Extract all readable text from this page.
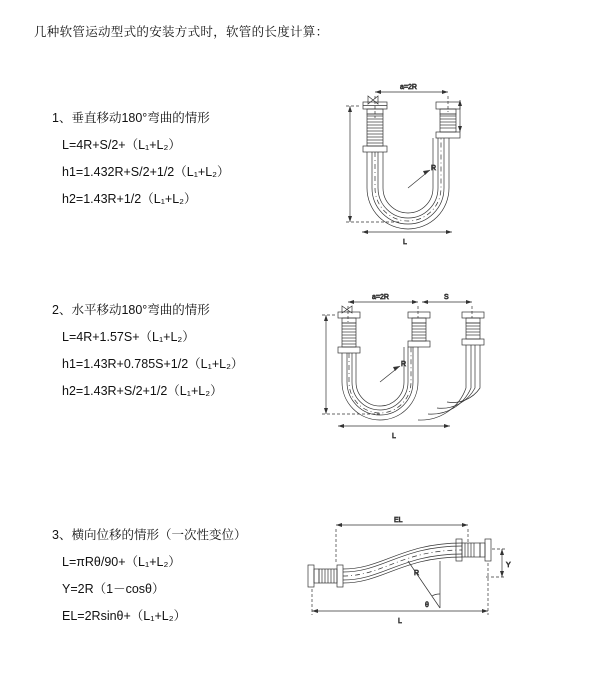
几种软管运动型式的安装方式时，软管的长度计算：
1、垂直移动180°弯曲的情形
L=4R+S/2+（L₁+L₂）
h1=1.432R+S/2+1/2（L₁+L₂）
h2=1.43R+1/2（L₁+L₂）
a=2R
R
L
2、水平移动180°弯曲的情形
L=4R+1.57S+（L₁+L₂）
h1=1.43R+0.785S+1/2（L₁+L₂）
h2=1.43R+S/2+1/2（L₁+L₂）
a=2R	S
R
L
3、横向位移的情形（一次性变位）
L=πRθ/90+（L₁+L₂）
Y=2R（1－cosθ）
EL=2Rsinθ+（L₁+L₂）
EL
θ
R
Y
L
